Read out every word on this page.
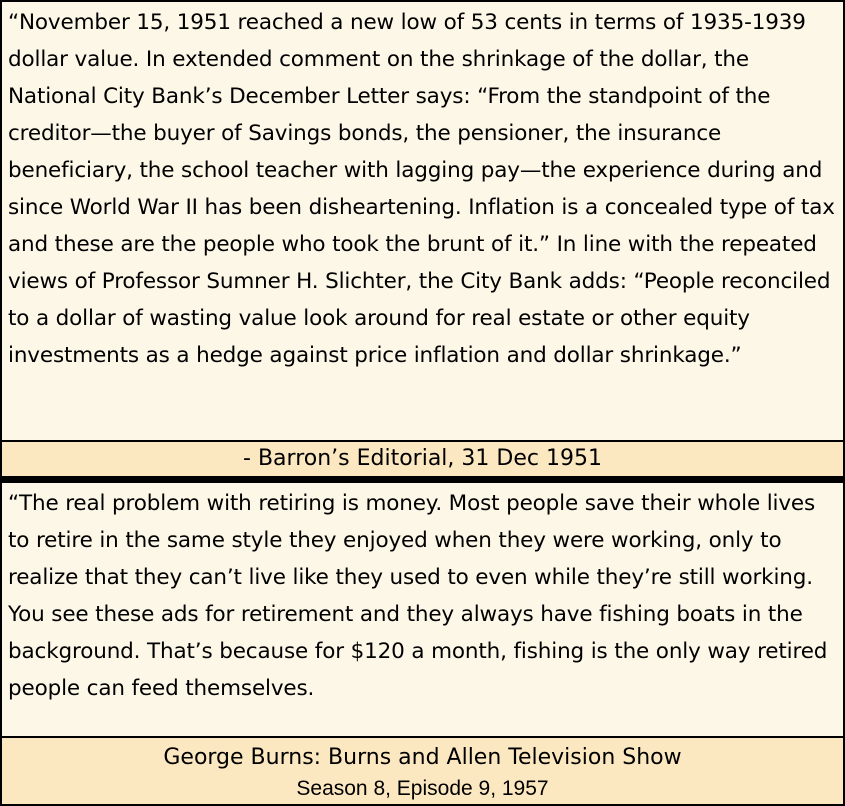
“November 15, 1951 reached a new low of 53 cents in terms of 1935-1939 dollar value. In extended comment on the shrinkage of the dollar, the National City Bank’s December Letter says: “From the standpoint of the creditor—the buyer of Savings bonds, the pensioner, the insurance beneficiary, the school teacher with lagging pay—the experience during and since World War II has been disheartening. Inflation is a concealed type of tax and these are the people who took the brunt of it.” In line with the repeated views of Professor Sumner H. Slichter, the City Bank adds: “People reconciled to a dollar of wasting value look around for real estate or other equity investments as a hedge against price inflation and dollar shrinkage.”
- Barron’s Editorial, 31 Dec 1951
“The real problem with retiring is money. Most people save their whole lives to retire in the same style they enjoyed when they were working, only to realize that they can’t live like they used to even while they’re still working. You see these ads for retirement and they always have fishing boats in the background. That’s because for $120 a month, fishing is the only way retired people can feed themselves.
George Burns: Burns and Allen Television Show
Season 8, Episode 9, 1957
